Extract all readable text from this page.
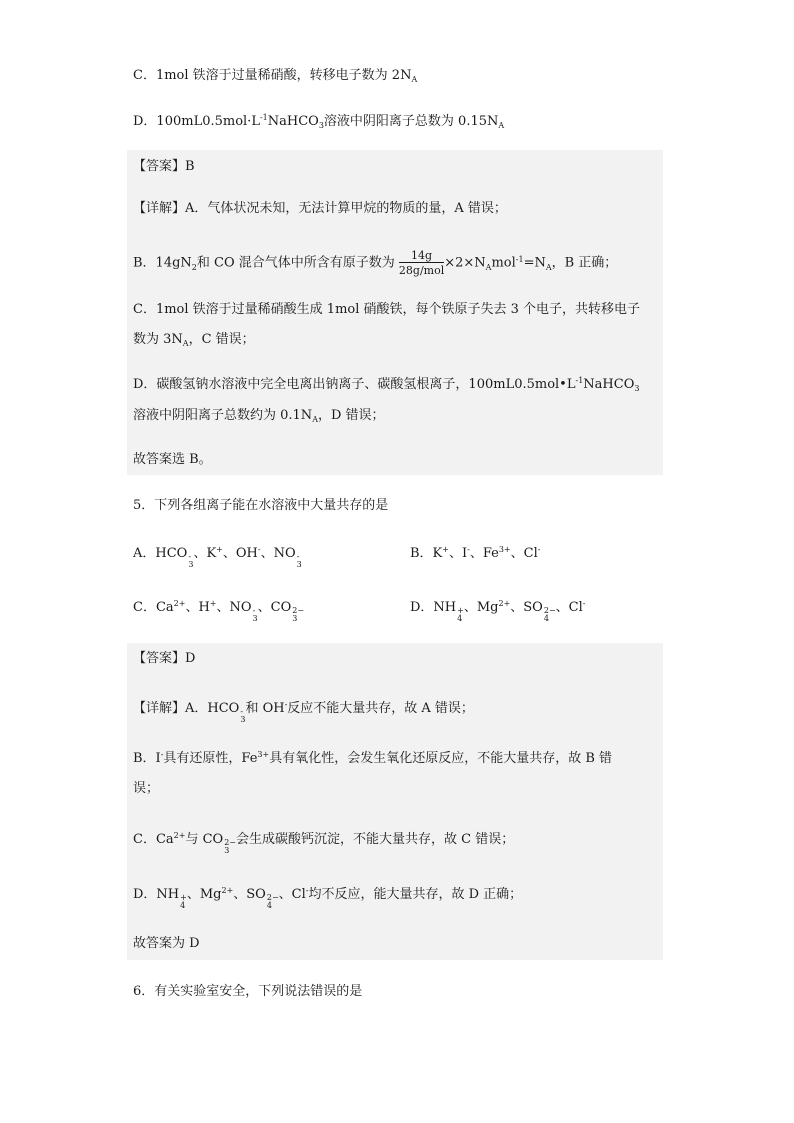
C．1mol 铁溶于过量稀硝酸，转移电子数为 $2N_A$
D．$100mL0.5mol\cdot L^{-1}NaHCO_3$溶液中阴阳离子总数为 $0.15N_A$
【答案】B
【详解】A．气体状况未知，无法计算甲烷的物质的量，A 错误；
B．$14gN_2$和 CO 混合气体中所含有原子数为 $\frac{14g}{\text{28g/mol}} \times 2\times N_Amol^{-1}=N_A$，B 正确；
C．1mol 铁溶于过量稀硝酸生成 1mol 硝酸铁，每个铁原子失去 3 个电子，共转移电子
数为 $3N_A$，C 错误；
D．碳酸氢钠水溶液中完全电离出钠离子、碳酸氢根离子，$100mL0.5mol•L^{-1}NaHCO_3$
溶液中阴阳离子总数约为 $0.1N_A$，D 错误；
故答案选 B。
5．下列各组离子能在水溶液中大量共存的是
A．HCO -
3
、K+、OH-、NO -
3
B．K+、I-、$Fe^{3+}$、Cl-
C．$Ca^{2+}$、H+、NO -
3
、CO 2−
3
D．NH +
4
、$Mg^{2+}$、SO 2−
4
、Cl-
【答案】D
【详解】A．HCO -
3
和 OH-反应不能大量共存，故 A 错误；
B．I-具有还原性，$Fe^{3+}$具有氧化性，会发生氧化还原反应，不能大量共存，故 B 错
误；
C．$Ca^{2+}$与 CO 2−
3
会生成碳酸钙沉淀，不能大量共存，故 C 错误；
D．NH +
4
、$Mg^{2+}$、SO 2−
4
、Cl-均不反应，能大量共存，故 D 正确；
故答案为 D
6．有关实验室安全，下列说法错误的是
